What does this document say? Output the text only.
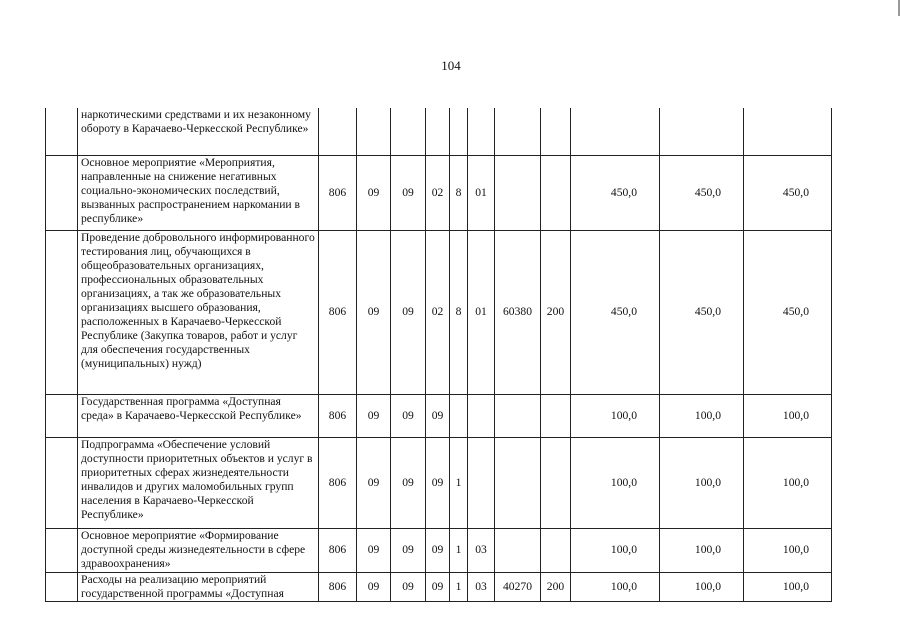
104
	наркотическими средствами и их незаконному обороту в Карачаево-Черкесской Республике»											
	Основное мероприятие «Мероприятия, направленные на снижение негативных социально-экономических последствий, вызванных распространением наркомании в республике»	806	09	09	02	8	01			450,0	450,0	450,0
	Проведение добровольного информированного тестирования лиц, обучающихся в общеобразовательных организациях, профессиональных образовательных организациях, а так же образовательных организациях высшего образования, расположенных в Карачаево-Черкесской Республике (Закупка товаров, работ и услуг для обеспечения государственных (муниципальных) нужд)	806	09	09	02	8	01	60380	200	450,0	450,0	450,0
	Государственная программа «Доступная среда» в Карачаево-Черкесской Республике»	806	09	09	09					100,0	100,0	100,0
	Подпрограмма «Обеспечение условий доступности приоритетных объектов и услуг в приоритетных сферах жизнедеятельности инвалидов и других маломобильных групп населения в Карачаево-Черкесской Республике»	806	09	09	09	1				100,0	100,0	100,0
	Основное мероприятие «Формирование доступной среды жизнедеятельности в сфере здравоохранения»	806	09	09	09	1	03			100,0	100,0	100,0
	Расходы на реализацию мероприятий государственной программы «Доступная	806	09	09	09	1	03	40270	200	100,0	100,0	100,0
